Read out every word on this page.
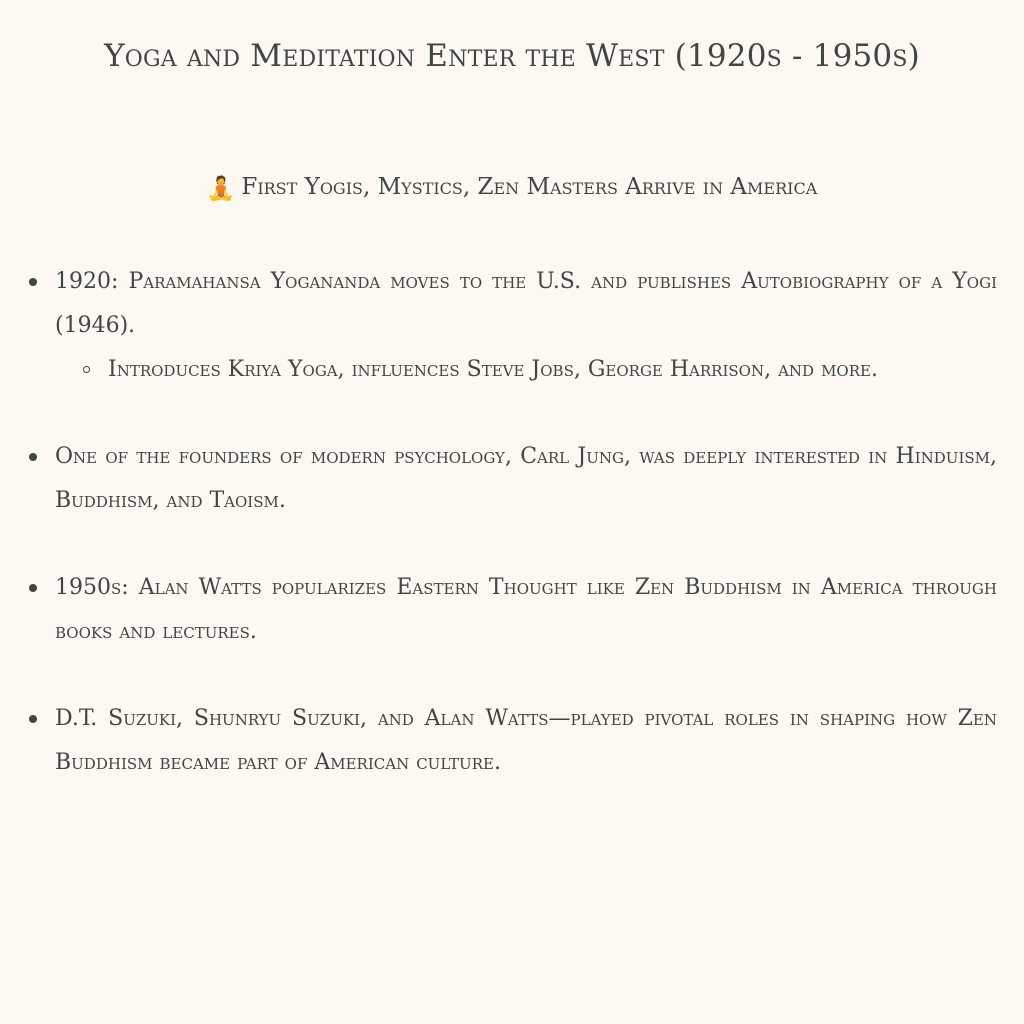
Yoga and Meditation Enter the West (1920s - 1950s)
🧘 First Yogis, Mystics, Zen Masters Arrive in America
1920: Paramahansa Yogananda moves to the U.S. and publishes Autobiography of a Yogi (1946).
Introduces Kriya Yoga, influences Steve Jobs, George Harrison, and more.
One of the founders of modern psychology, Carl Jung, was deeply interested in Hinduism, Buddhism, and Taoism.
1950s: Alan Watts popularizes Eastern Thought like Zen Buddhism in America through books and lectures.
D.T. Suzuki, Shunryu Suzuki, and Alan Watts—played pivotal roles in shaping how Zen Buddhism became part of American culture.
